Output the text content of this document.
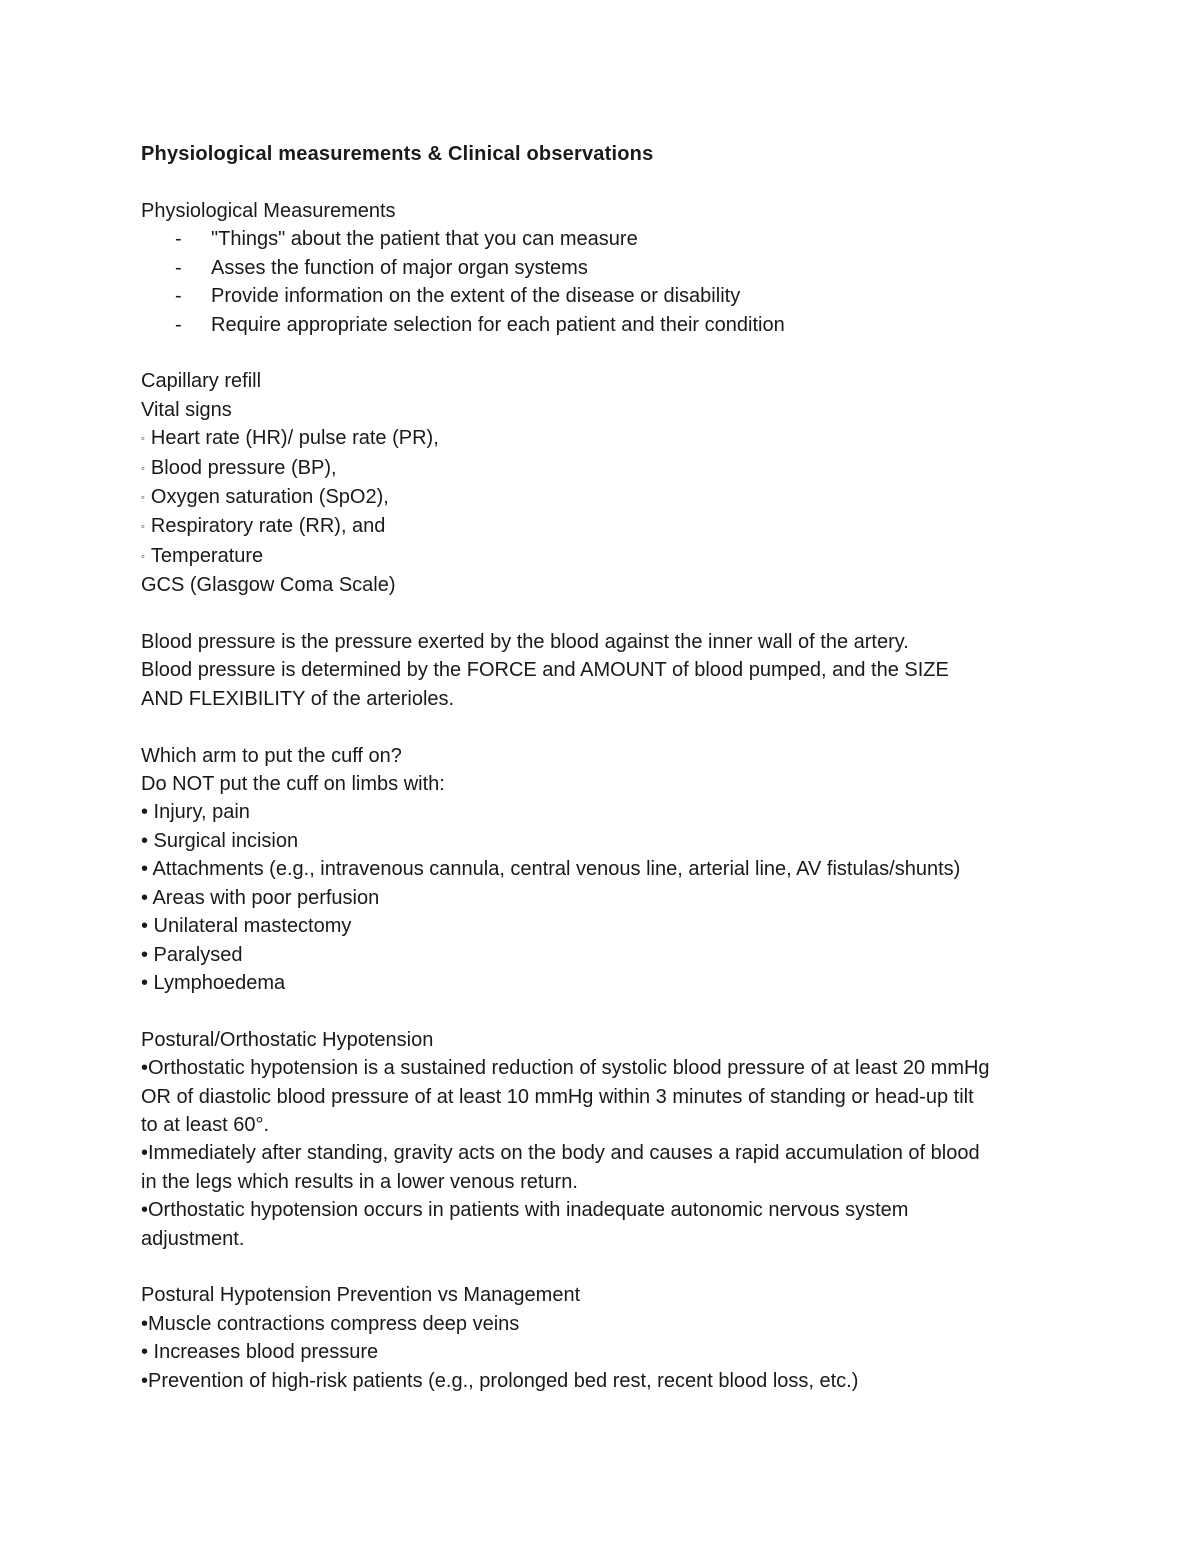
Physiological measurements & Clinical observations
Physiological Measurements
- "Things" about the patient that you can measure
- Asses the function of major organ systems
- Provide information on the extent of the disease or disability
- Require appropriate selection for each patient and their condition
Capillary refill
Vital signs
◦ Heart rate (HR)/ pulse rate (PR),
◦ Blood pressure (BP),
◦ Oxygen saturation (SpO2),
◦ Respiratory rate (RR), and
◦ Temperature
GCS (Glasgow Coma Scale)
Blood pressure is the pressure exerted by the blood against the inner wall of the artery.
Blood pressure is determined by the FORCE and AMOUNT of blood pumped, and the SIZE
AND FLEXIBILITY of the arterioles.
Which arm to put the cuff on?
Do NOT put the cuff on limbs with:
• Injury, pain
• Surgical incision
• Attachments (e.g., intravenous cannula, central venous line, arterial line, AV fistulas/shunts)
• Areas with poor perfusion
• Unilateral mastectomy
• Paralysed
• Lymphoedema
Postural/Orthostatic Hypotension
•Orthostatic hypotension is a sustained reduction of systolic blood pressure of at least 20 mmHg
OR of diastolic blood pressure of at least 10 mmHg within 3 minutes of standing or head-up tilt
to at least 60°.
•Immediately after standing, gravity acts on the body and causes a rapid accumulation of blood
in the legs which results in a lower venous return.
•Orthostatic hypotension occurs in patients with inadequate autonomic nervous system
adjustment.
Postural Hypotension Prevention vs Management
•Muscle contractions compress deep veins
• Increases blood pressure
•Prevention of high-risk patients (e.g., prolonged bed rest, recent blood loss, etc.)
